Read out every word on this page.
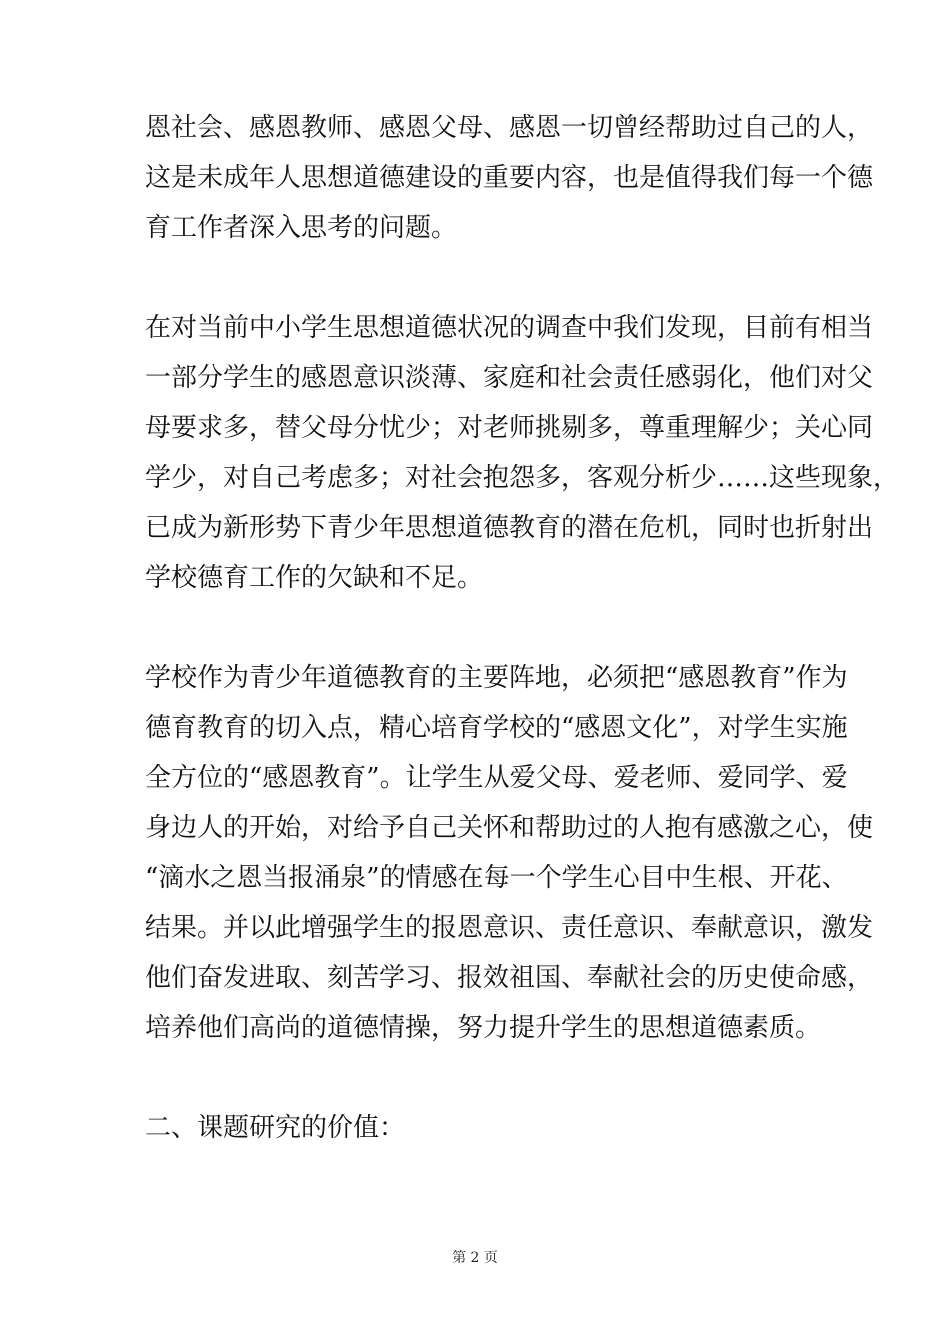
恩社会、感恩教师、感恩父母、感恩一切曾经帮助过自己的人，
这是未成年人思想道德建设的重要内容，也是值得我们每一个德
育工作者深入思考的问题。

在对当前中小学生思想道德状况的调查中我们发现，目前有相当
一部分学生的感恩意识淡薄、家庭和社会责任感弱化，他们对父
母要求多，替父母分忧少；对老师挑剔多，尊重理解少；关心同
学少，对自己考虑多；对社会抱怨多，客观分析少……这些现象，
已成为新形势下青少年思想道德教育的潜在危机，同时也折射出
学校德育工作的欠缺和不足。

学校作为青少年道德教育的主要阵地，必须把“感恩教育”作为
德育教育的切入点，精心培育学校的“感恩文化”，对学生实施
全方位的“感恩教育”。让学生从爱父母、爱老师、爱同学、爱
身边人的开始，对给予自己关怀和帮助过的人抱有感激之心，使
“滴水之恩当报涌泉”的情感在每一个学生心目中生根、开花、
结果。并以此增强学生的报恩意识、责任意识、奉献意识，激发
他们奋发进取、刻苦学习、报效祖国、奉献社会的历史使命感，
培养他们高尚的道德情操，努力提升学生的思想道德素质。

二、课题研究的价值：

第 2 页
